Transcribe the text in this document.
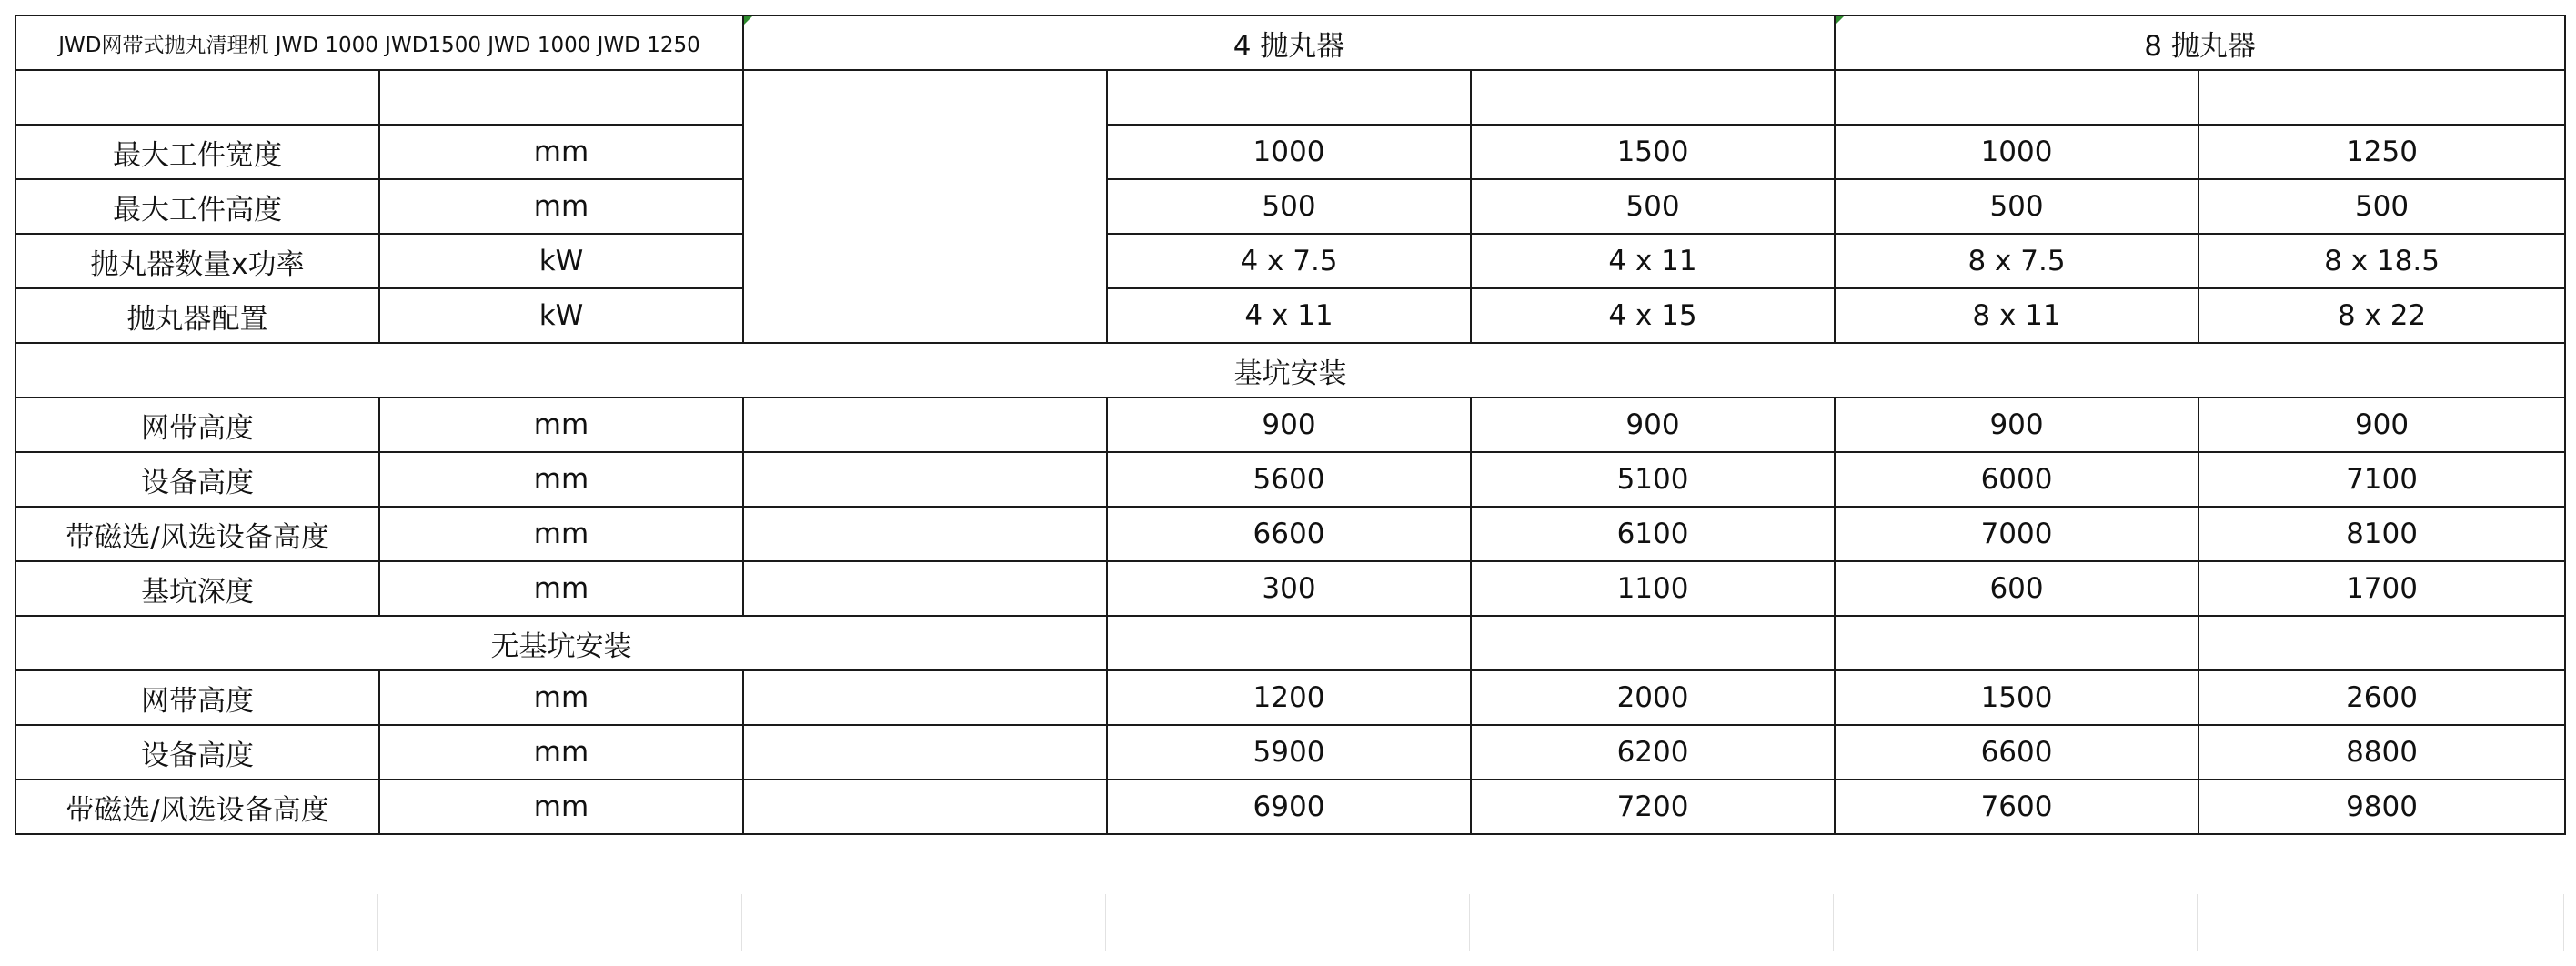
JWD网带式抛丸清理机 JWD 1000 JWD1500 JWD 1000 JWD 1250		4 抛丸器			8 抛丸器	

最大工件宽度	mm		1000	1500	1000	1250
最大工件高度	mm		500	500	500	500
抛丸器数量x功率	kW		4 x 7.5	4 x 11	8 x 7.5	8 x 18.5
抛丸器配置	kW		4 x 11	4 x 15	8 x 11	8 x 22
基坑安装						
网带高度	mm		900	900	900	900
设备高度	mm		5600	5100	6000	7100
带磁选/风选设备高度	mm		6600	6100	7000	8100
基坑深度	mm		300	1100	600	1700
无基坑安装						
网带高度	mm		1200	2000	1500	2600
设备高度	mm		5900	6200	6600	8800
带磁选/风选设备高度	mm		6900	7200	7600	9800
